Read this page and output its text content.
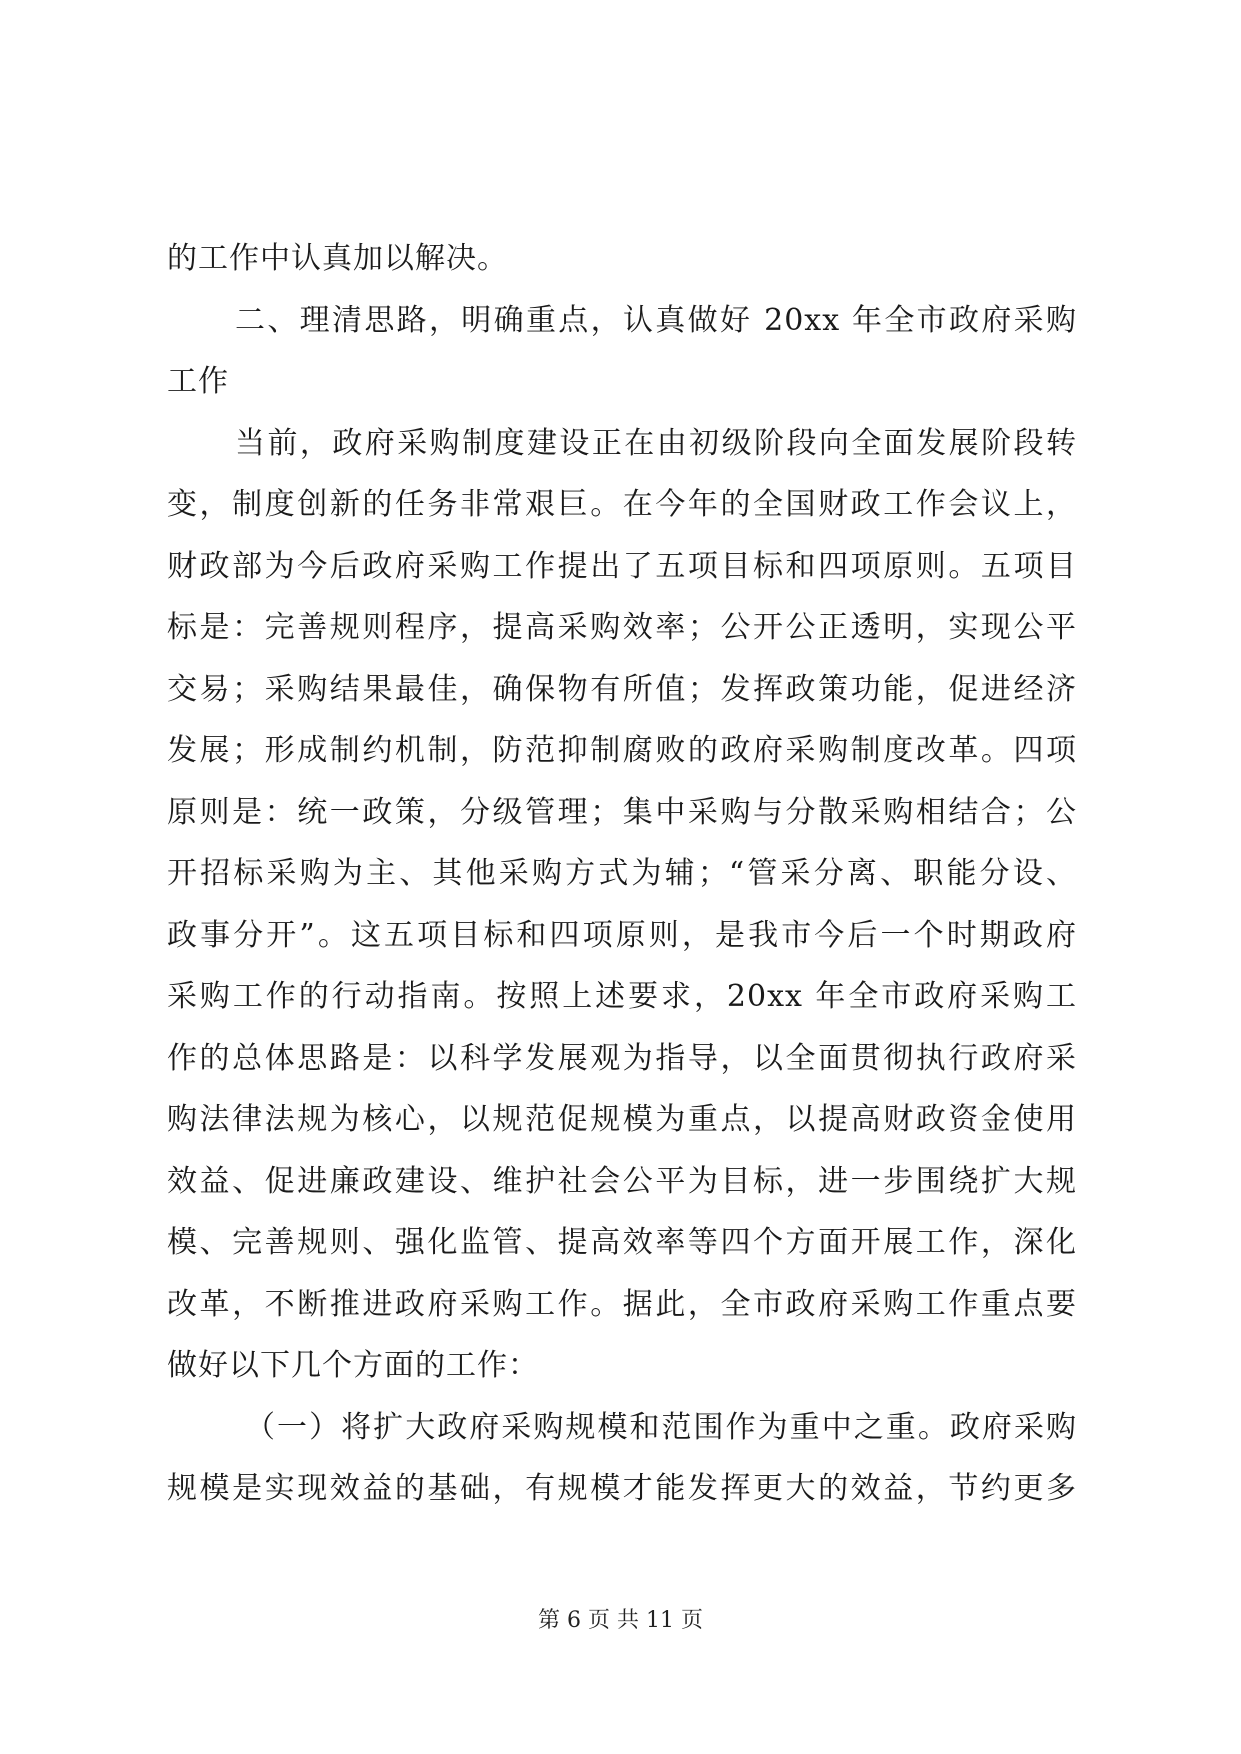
的工作中认真加以解决。
二、理清思路，明确重点，认真做好 20xx 年全市政府采购
工作
当前，政府采购制度建设正在由初级阶段向全面发展阶段转
变，制度创新的任务非常艰巨。在今年的全国财政工作会议上，
财政部为今后政府采购工作提出了五项目标和四项原则。五项目
标是：完善规则程序，提高采购效率；公开公正透明，实现公平
交易；采购结果最佳，确保物有所值；发挥政策功能，促进经济
发展；形成制约机制，防范抑制腐败的政府采购制度改革。四项
原则是：统一政策，分级管理；集中采购与分散采购相结合；公
开招标采购为主、其他采购方式为辅；“管采分离、职能分设、
政事分开”。这五项目标和四项原则，是我市今后一个时期政府
采购工作的行动指南。按照上述要求，20xx 年全市政府采购工
作的总体思路是：以科学发展观为指导，以全面贯彻执行政府采
购法律法规为核心，以规范促规模为重点，以提高财政资金使用
效益、促进廉政建设、维护社会公平为目标，进一步围绕扩大规
模、完善规则、强化监管、提高效率等四个方面开展工作，深化
改革，不断推进政府采购工作。据此，全市政府采购工作重点要
做好以下几个方面的工作：
（一）将扩大政府采购规模和范围作为重中之重。政府采购
规模是实现效益的基础，有规模才能发挥更大的效益，节约更多
第 6 页 共 11 页
